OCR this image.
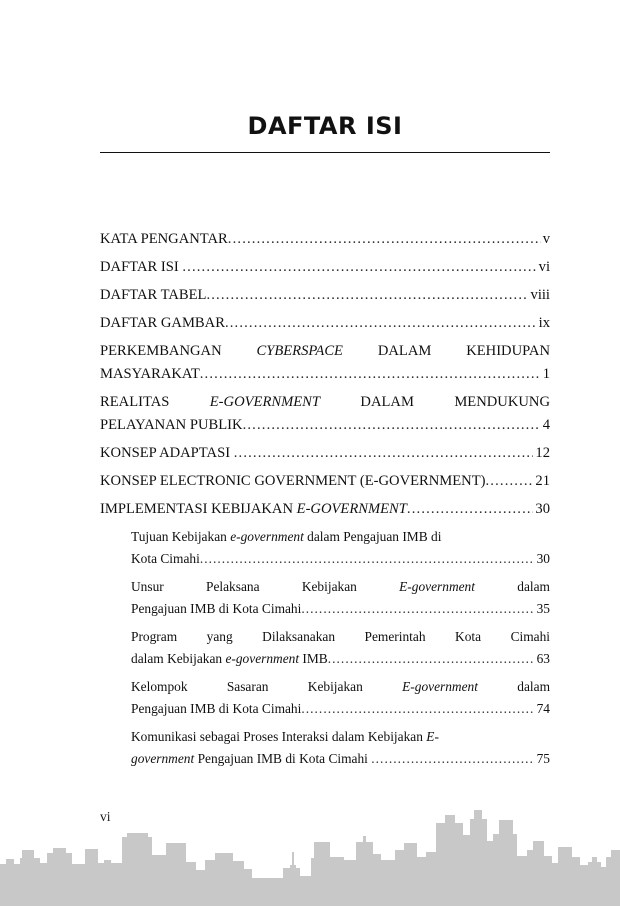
DAFTAR ISI
KATA PENGANTAR .....	v
DAFTAR ISI .....	vi
DAFTAR TABEL .....	viii
DAFTAR GAMBAR .....	ix
PERKEMBANGAN CYBERSPACE DALAM KEHIDUPAN
MASYARAKAT .....	1
REALITAS E-GOVERNMENT DALAM MENDUKUNG
PELAYANAN PUBLIK .....	4
KONSEP ADAPTASI .....	12
KONSEP ELECTRONIC GOVERNMENT (E-GOVERNMENT) .....	21
IMPLEMENTASI KEBIJAKAN E-GOVERNMENT .....	30
Tujuan Kebijakan e-government dalam Pengajuan IMB di
Kota Cimahi .....	30
Unsur Pelaksana Kebijakan E-government dalam
Pengajuan IMB di Kota Cimahi .....	35
Program yang Dilaksanakan Pemerintah Kota Cimahi
dalam Kebijakan e-government IMB .....	63
Kelompok Sasaran Kebijakan E-government dalam
Pengajuan IMB di Kota Cimahi .....	74
Komunikasi sebagai Proses Interaksi dalam Kebijakan E-
government Pengajuan IMB di Kota Cimahi .....	75
vi
